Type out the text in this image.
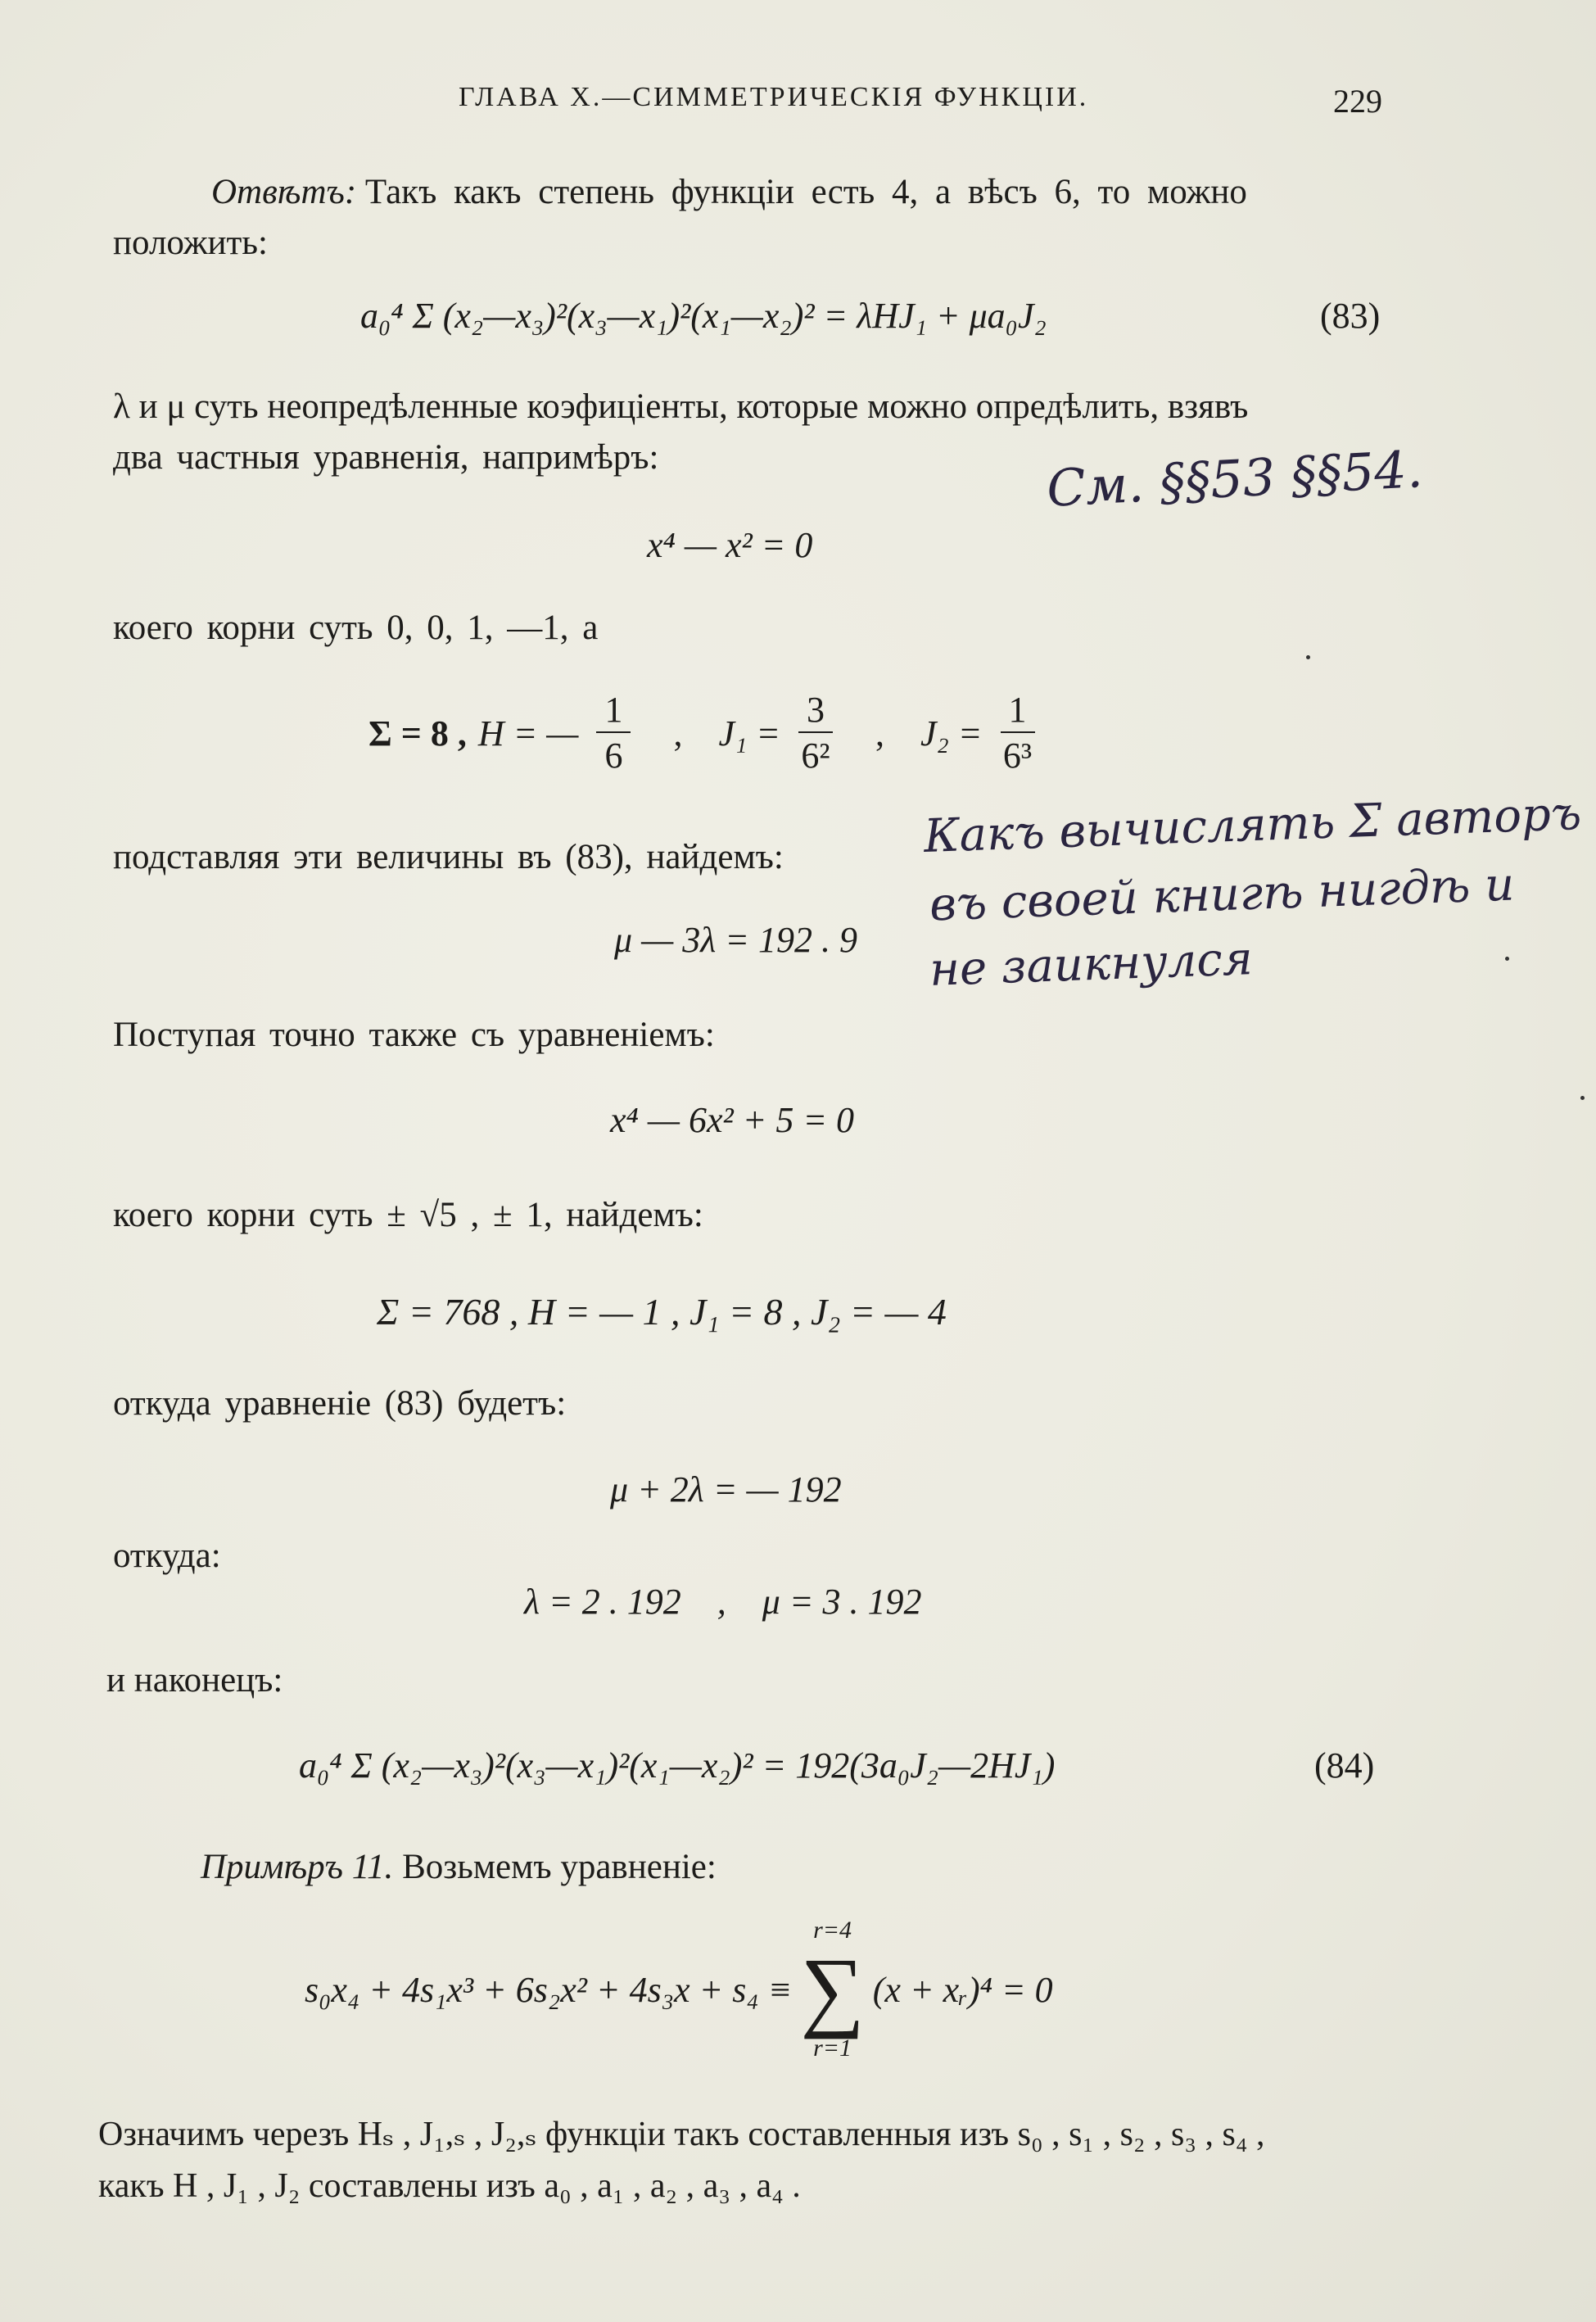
ГЛАВА X.—СИММЕТРИЧЕСКІЯ ФУНКЦІИ.	229
Отвѣтъ: Такъ какъ степень функціи есть 4, а вѣсъ 6, то можно
положить:
a₀⁴ Σ (x₂—x₃)²(x₃—x₁)²(x₁—x₂)² = λHJ₁ + μa₀J₂	(83)
λ и μ суть неопредѣленные коэфиціенты, которые можно опредѣлить, взявъ
два частныя уравненія, напримѣръ:	См. §§53 §§54.
x⁴ — x² = 0
коего корни суть 0, 0, 1, —1, а
Σ = 8 , H = — $\frac{1}{6}$ , $J_1 = \frac{3}{\text{6²}}$ , $J_2 = \frac{1}{\text{6³}}$
подставляя эти величины въ (83), найдемъ:	Какъ вычислять Σ авторъ
въ своей книгѣ нигдѣ и
не заикнулся
μ — 3λ = 192 . 9
Поступая точно также съ уравненіемъ:
x⁴ — 6x² + 5 = 0
коего корни суть ± √5 , ± 1, найдемъ:
Σ = 768 , H = — 1 , J₁ = 8 , J₂ = — 4
откуда уравненіе (83) будетъ:
μ + 2λ = — 192
откуда:
λ = 2 . 192    ,    μ = 3 . 192
и наконецъ:
a₀⁴ Σ (x₂—x₃)²(x₃—x₁)²(x₁—x₂)² = 192(3a₀J₂—2HJ₁)	(84)
Примѣръ 11. Возьмемъ уравненіе:
s₀x₄ + 4s₁x³ + 6s₂x² + 4s₃x + s₄ ≡
r=4
∑
r=1
(x + xᵣ)⁴ = 0
Означимъ черезъ Hₛ , J₁,ₛ , J₂,ₛ функціи такъ составленныя изъ s₀ , s₁ , s₂ , s₃ , s₄ ,
какъ H , J₁ , J₂ составлены изъ a₀ , a₁ , a₂ , a₃ , a₄ .
